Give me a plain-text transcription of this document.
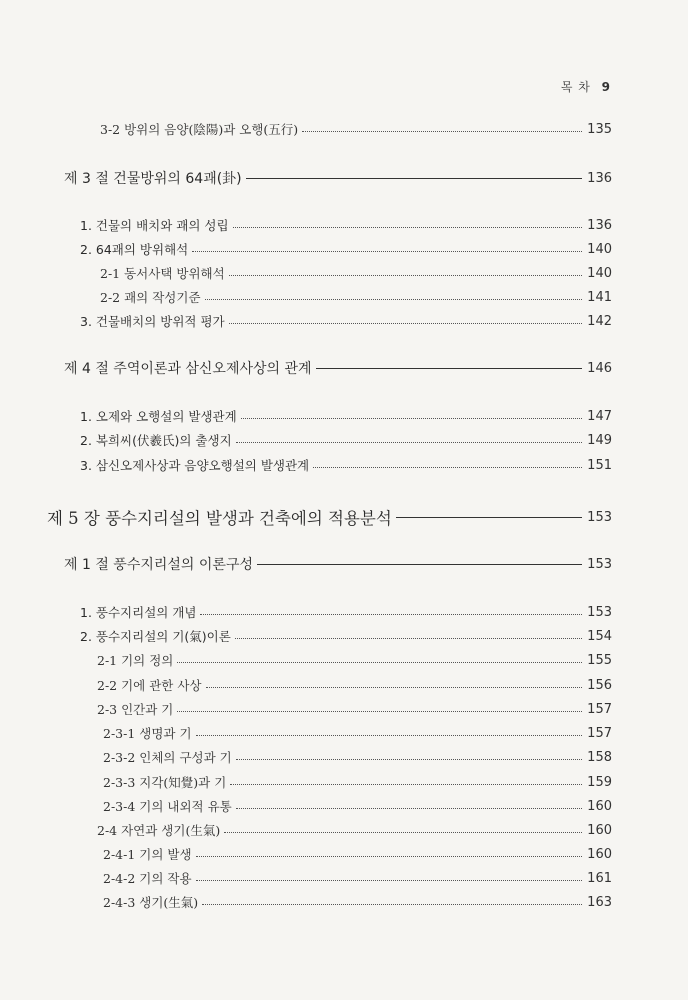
목 차 9
3-2 방위의 음양(陰陽)과 오행(五行)	135
제 3 절 건물방위의 64괘(卦)	136
1. 건물의 배치와 괘의 성립	136
2. 64괘의 방위해석	140
2-1 동서사택 방위해석	140
2-2 괘의 작성기준	141
3. 건물배치의 방위적 평가	142
제 4 절 주역이론과 삼신오제사상의 관계	146
1. 오제와 오행설의 발생관계	147
2. 복희씨(伏羲氏)의 출생지	149
3. 삼신오제사상과 음양오행설의 발생관계	151
제 5 장 풍수지리설의 발생과 건축에의 적용분석	153
제 1 절 풍수지리설의 이론구성	153
1. 풍수지리설의 개념	153
2. 풍수지리설의 기(氣)이론	154
2-1 기의 정의	155
2-2 기에 관한 사상	156
2-3 인간과 기	157
2-3-1 생명과 기	157
2-3-2 인체의 구성과 기	158
2-3-3 지각(知覺)과 기	159
2-3-4 기의 내외적 유통	160
2-4 자연과 생기(生氣)	160
2-4-1 기의 발생	160
2-4-2 기의 작용	161
2-4-3 생기(生氣)	163
